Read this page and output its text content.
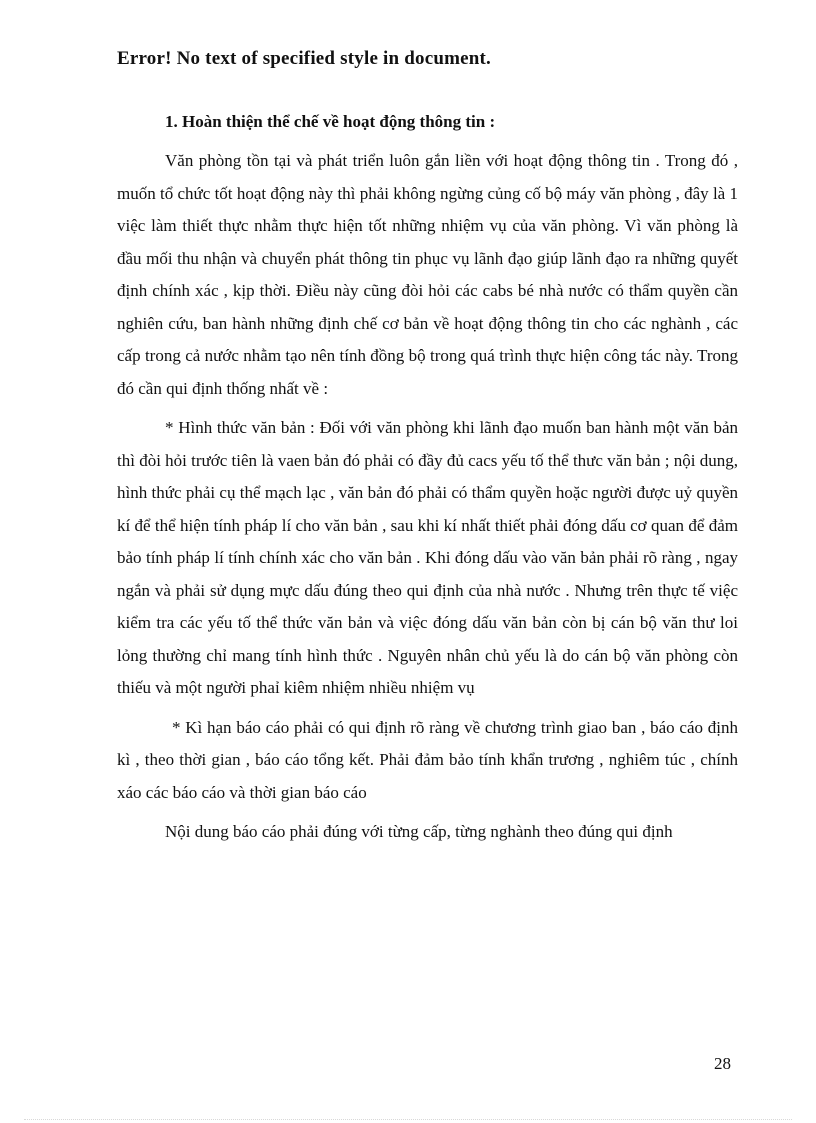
Error! No text of specified style in document.
1. Hoàn thiện thể chế về hoạt động thông tin :

Văn phòng tồn tại và phát triển luôn gắn liền với hoạt động thông tin . Trong đó , muốn tổ chức tốt hoạt động này thì phải không ngừng củng cố bộ máy văn phòng , đây là 1 việc làm thiết thực nhằm thực hiện tốt những nhiệm vụ của văn phòng. Vì văn phòng là đầu mối thu nhận và chuyển phát thông tin phục vụ lãnh đạo giúp lãnh đạo ra những quyết định chính xác , kịp thời. Điều này cũng đòi hỏi các cabs bé nhà nước có thẩm quyền cần nghiên cứu, ban hành những định chế cơ bản về hoạt động thông tin cho các nghành , các cấp trong cả nước nhằm tạo nên tính đồng bộ trong quá trình thực hiện công tác này. Trong đó cần qui định thống nhất về :

* Hình thức văn bản : Đối với văn phòng khi lãnh đạo muốn ban hành một văn bản thì đòi hỏi trước tiên là vaen bản đó phải có đầy đủ cacs yếu tố thể thưc văn bản ; nội dung, hình thức phải cụ thể mạch lạc , văn bản đó phải có thẩm quyền hoặc người được uỷ quyền kí để thể hiện tính pháp lí cho văn bản , sau khi kí nhất thiết phải đóng dấu cơ quan để đảm bảo tính pháp lí tính chính xác cho văn bản . Khi đóng dấu vào văn bản phải rõ ràng , ngay ngắn và phải sử dụng mực dấu đúng theo qui định của nhà nước . Nhưng trên thực tế việc kiểm tra các yếu tố thể thức văn bản và việc đóng dấu văn bản còn bị cán bộ văn thư loi lỏng thường chỉ mang tính hình thức . Nguyên nhân chủ yếu là do cán bộ văn phòng còn thiếu và một người phaỉ kiêm nhiệm nhiều nhiệm vụ

* Kì hạn báo cáo phải có qui định rõ ràng về chương trình giao ban , báo cáo định kì , theo thời gian , báo cáo tổng kết. Phải đảm bảo tính khẩn trương , nghiêm túc , chính xáo các báo cáo và thời gian báo cáo

Nội dung báo cáo phải đúng với từng cấp, từng nghành theo đúng qui định

28
